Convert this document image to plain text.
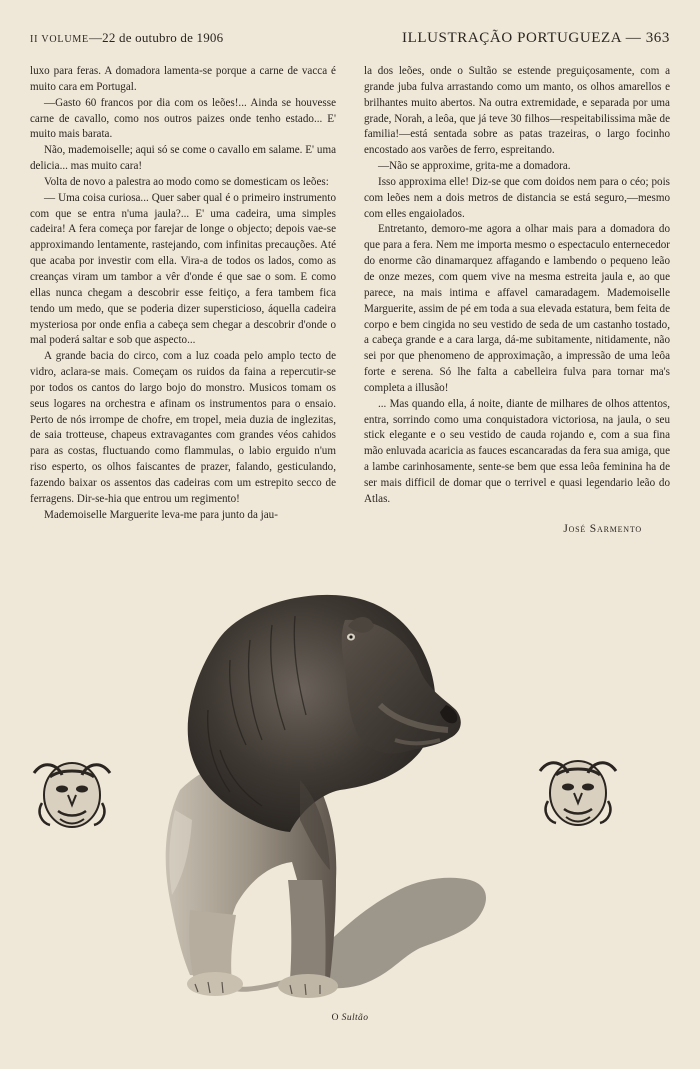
II VOLUME—22 de outubro de 1906	ILLUSTRAÇÃO PORTUGUEZA — 363

luxo para feras. A domadora lamenta-se porque a carne de vacca é muito cara em Portugal.

—Gasto 60 francos por dia com os leões!... Ainda se houvesse carne de cavallo, como nos outros paizes onde tenho estado... E' muito mais barata.

Não, mademoiselle; aqui só se come o cavallo em salame. E' uma delicia... mas muito cara!

Volta de novo a palestra ao modo como se domesticam os leões:

— Uma coisa curiosa... Quer saber qual é o primeiro instrumento com que se entra n'uma jaula?... E' uma cadeira, uma simples cadeira! A fera começa por farejar de longe o objecto; depois vae-se approximando lentamente, rastejando, com infinitas precauções. Até que acaba por investir com ella. Vira-a de todos os lados, como as creanças viram um tambor a vêr d'onde é que sae o som. E como ellas nunca chegam a descobrir esse feitiço, a fera tambem fica tendo um medo, que se poderia dizer supersticioso, áquella cadeira mysteriosa por onde enfia a cabeça sem chegar a descobrir d'onde o mal poderá saltar e sob que aspecto...

A grande bacia do circo, com a luz coada pelo amplo tecto de vidro, aclara-se mais. Começam os ruidos da faina a repercutir-se por todos os cantos do largo bojo do monstro. Musicos tomam os seus logares na orchestra e afinam os instrumentos para o ensaio. Perto de nós irrompe de chofre, em tropel, meia duzia de inglezitas, de saia trotteuse, chapeus extravagantes com grandes véos cahidos para as costas, fluctuando como flammulas, o labio erguido n'um riso esperto, os olhos faiscantes de prazer, falando, gesticulando, fazendo baixar os assentos das cadeiras com um estrepito secco de ferragens. Dir-se-hia que entrou um regimento!

Mademoiselle Marguerite leva-me para junto da jau-

la dos leões, onde o Sultão se estende preguiçosamente, com a grande juba fulva arrastando como um manto, os olhos amarellos e brilhantes muito abertos. Na outra extremidade, e separada por uma grade, Norah, a leôa, que já teve 30 filhos—respeitabilissima mãe de familia!—está sentada sobre as patas trazeiras, o largo focinho encostado aos varões de ferro, espreitando.

—Não se approxime, grita-me a domadora.

Isso approxima elle! Diz-se que com doidos nem para o céo; pois com leões nem a dois metros de distancia se está seguro,—mesmo com elles engaiolados.

Entretanto, demoro-me agora a olhar mais para a domadora do que para a fera. Nem me importa mesmo o espectaculo enternecedor do enorme cão dinamarquez affagando e lambendo o pequeno leão de onze mezes, com quem vive na mesma estreita jaula e, ao que parece, na mais intima e affavel camaradagem. Mademoiselle Marguerite, assim de pé em toda a sua elevada estatura, bem feita de corpo e bem cingida no seu vestido de seda de um castanho tostado, a cabeça grande e a cara larga, dá-me subitamente, nitidamente, não sei por que phenomeno de approximação, a impressão de uma leôa forte e serena. Só lhe falta a cabelleira fulva para tornar ma's completa a illusão!

... Mas quando ella, á noite, diante de milhares de olhos attentos, entra, sorrindo como uma conquistadora victoriosa, na jaula, o seu stick elegante e o seu vestido de cauda rojando e, com a sua fina mão enluvada acaricia as fauces escancaradas da fera sua amiga, que a lambe carinhosamente, sente-se bem que essa leôa feminina ha de ser mais difficil de domar que o terrivel e quasi legendario leão do Atlas.

José Sarmento
O Sultão
